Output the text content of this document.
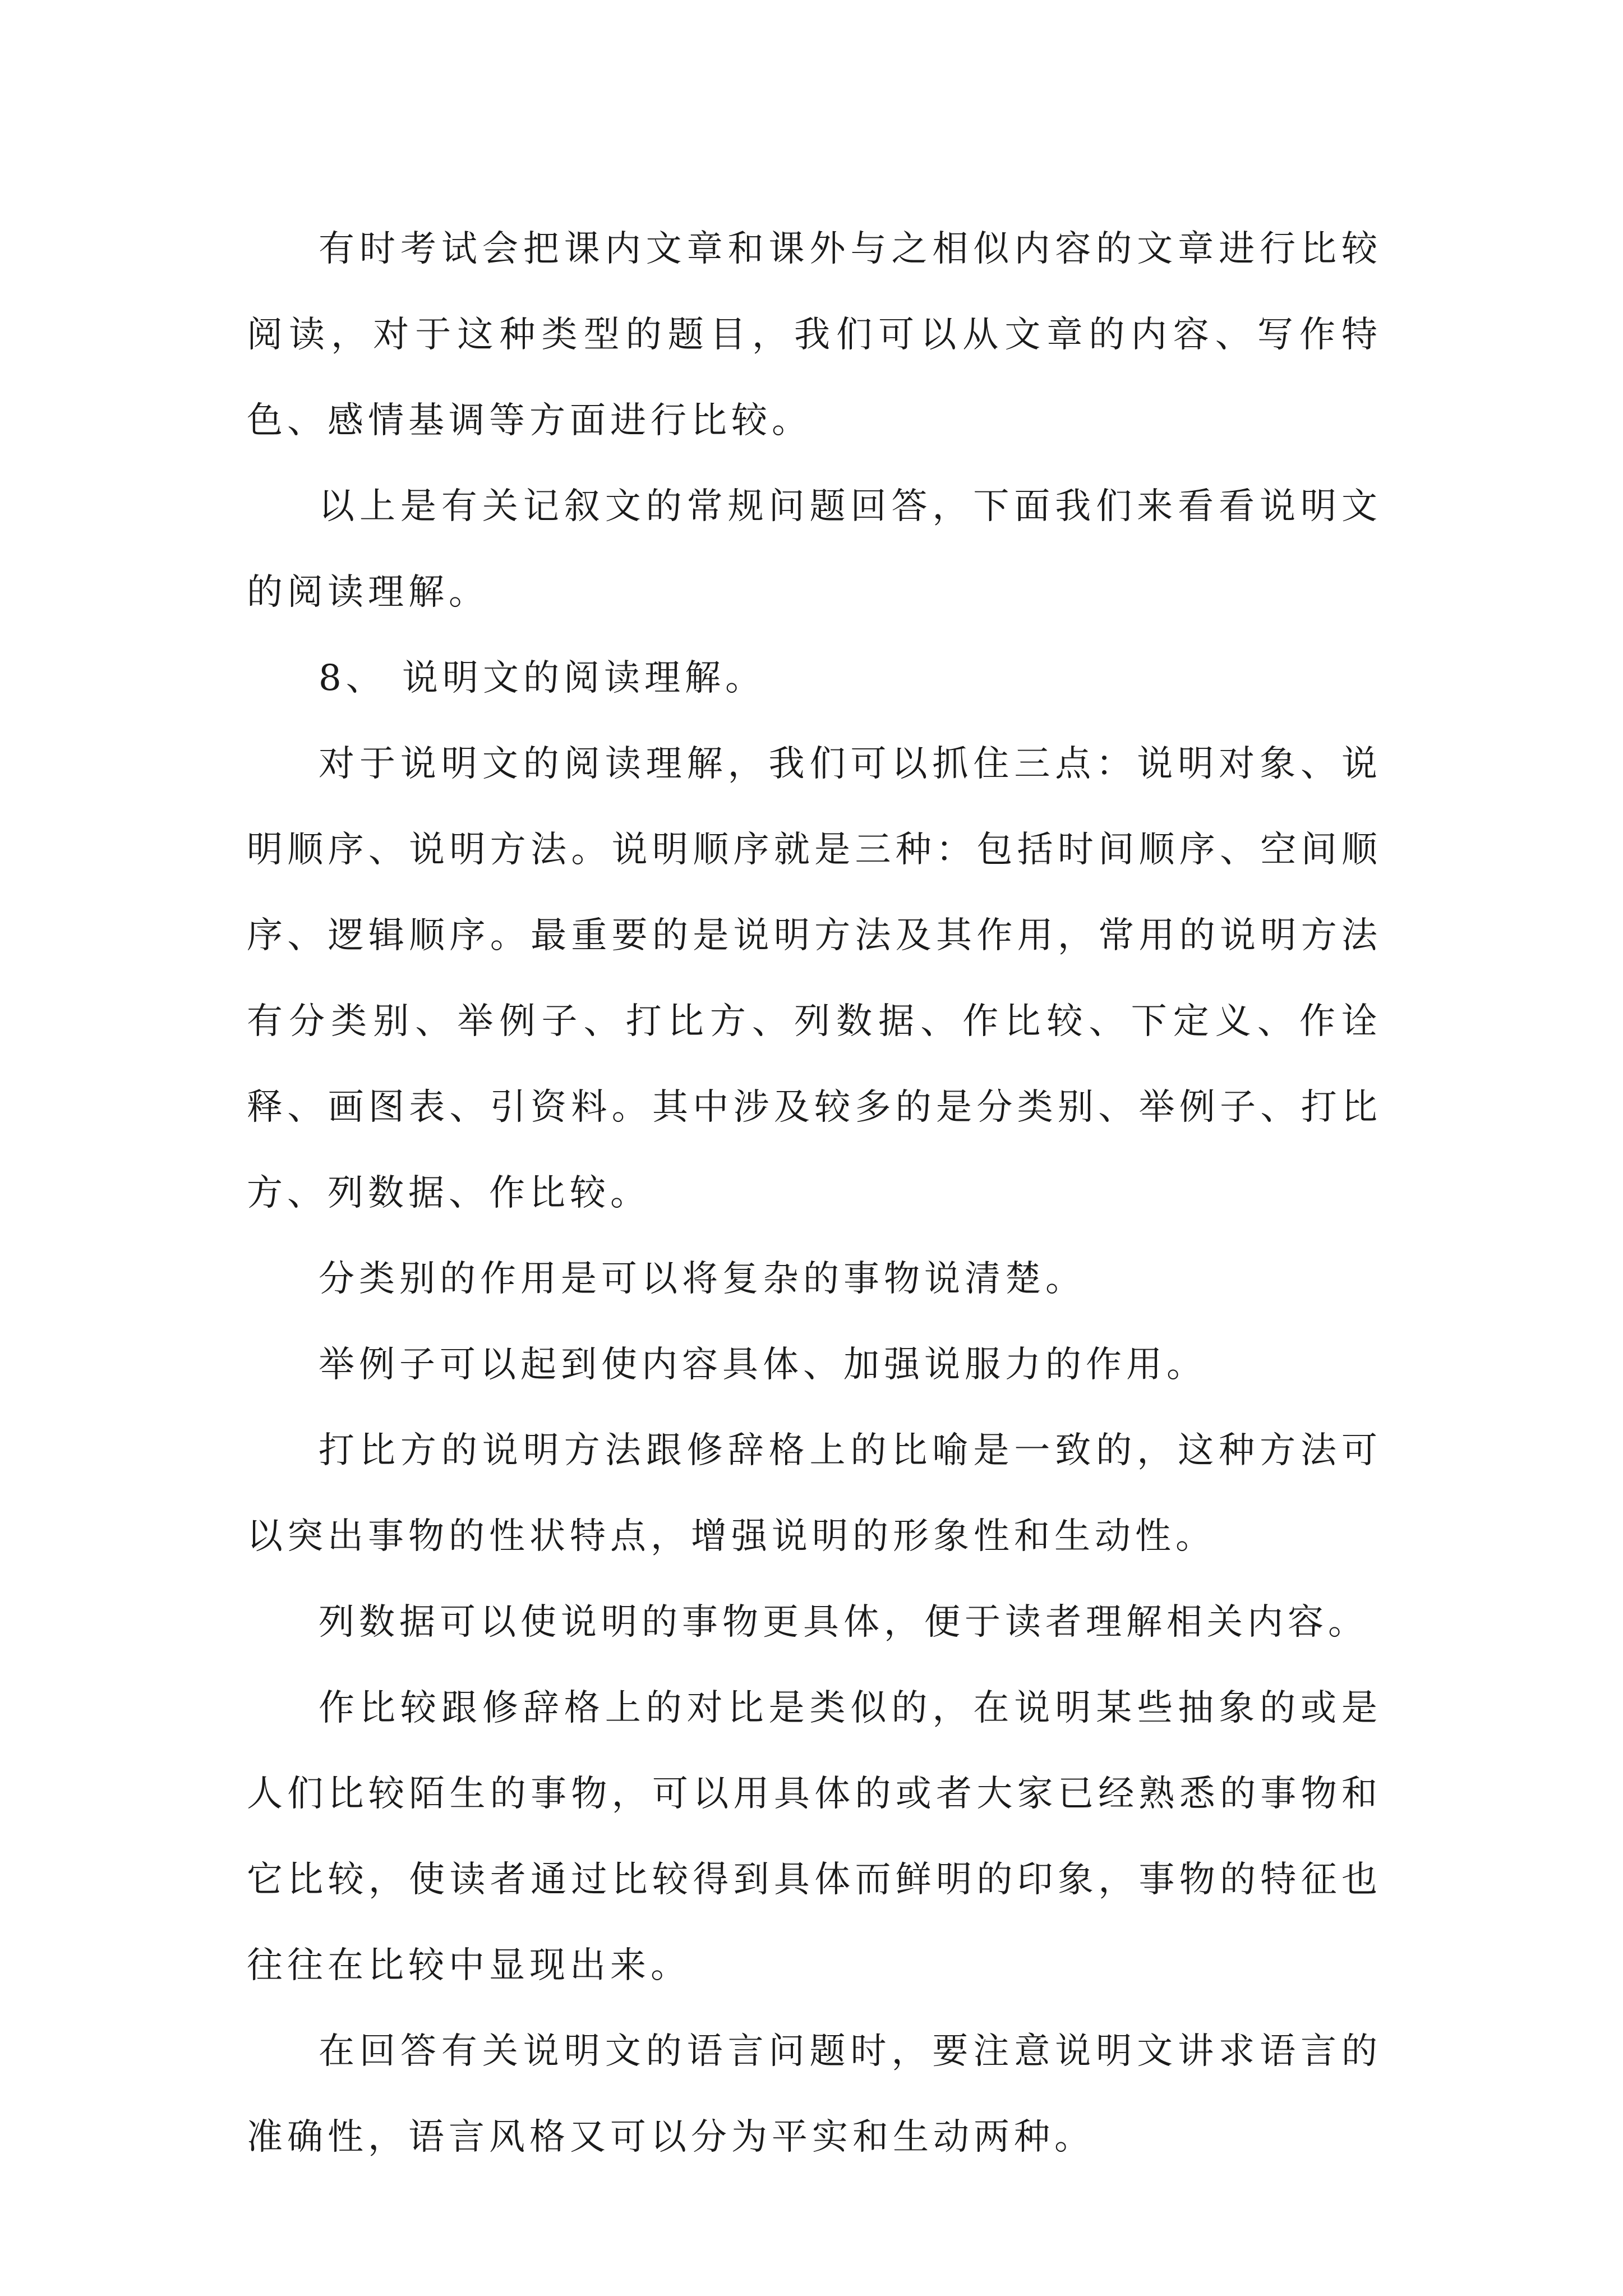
有时考试会把课内文章和课外与之相似内容的文章进行比较阅读，对于这种类型的题目，我们可以从文章的内容、写作特色、感情基调等方面进行比较。

以上是有关记叙文的常规问题回答，下面我们来看看说明文的阅读理解。

8、 说明文的阅读理解。

对于说明文的阅读理解，我们可以抓住三点：说明对象、说明顺序、说明方法。说明顺序就是三种：包括时间顺序、空间顺序、逻辑顺序。最重要的是说明方法及其作用，常用的说明方法有分类别、举例子、打比方、列数据、作比较、下定义、作诠释、画图表、引资料。其中涉及较多的是分类别、举例子、打比方、列数据、作比较。

分类别的作用是可以将复杂的事物说清楚。

举例子可以起到使内容具体、加强说服力的作用。

打比方的说明方法跟修辞格上的比喻是一致的，这种方法可以突出事物的性状特点，增强说明的形象性和生动性。

列数据可以使说明的事物更具体，便于读者理解相关内容。

作比较跟修辞格上的对比是类似的，在说明某些抽象的或是人们比较陌生的事物，可以用具体的或者大家已经熟悉的事物和它比较，使读者通过比较得到具体而鲜明的印象，事物的特征也往往在比较中显现出来。

在回答有关说明文的语言问题时，要注意说明文讲求语言的准确性，语言风格又可以分为平实和生动两种。
